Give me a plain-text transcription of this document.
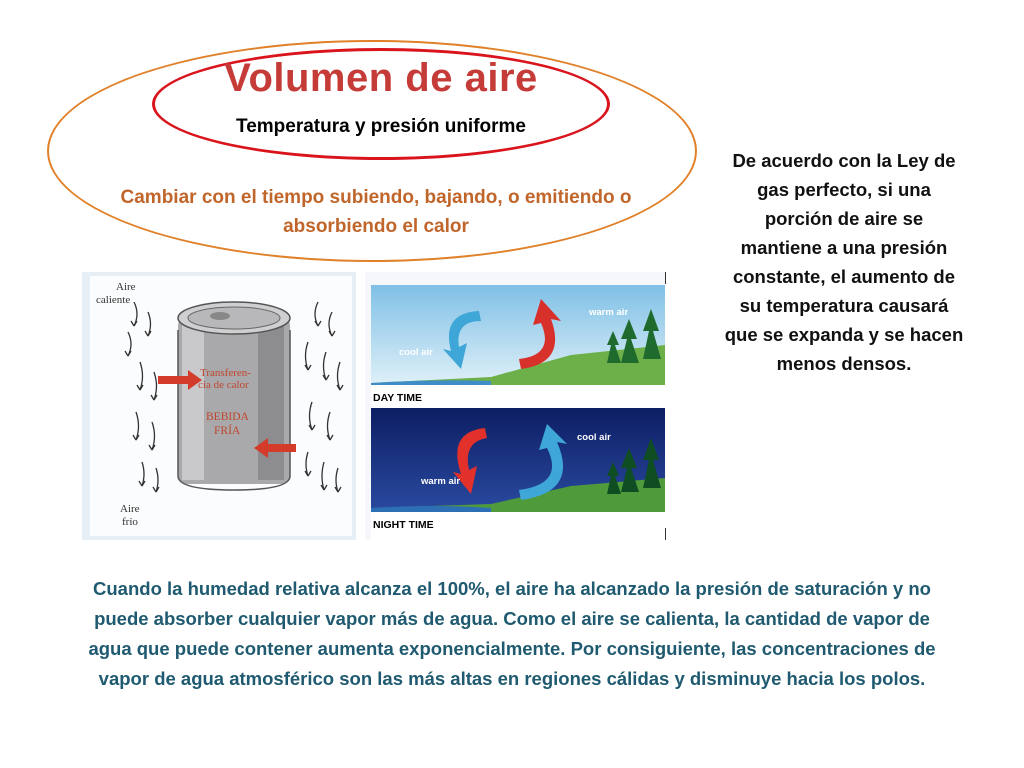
Volumen de aire
Temperatura y presión uniforme
Cambiar con el tiempo subiendo, bajando, o emitiendo o absorbiendo el calor
De acuerdo con la Ley de gas perfecto, si una porción de aire se mantiene a una presión constante, el aumento de su temperatura causará que se expanda y se hacen menos densos.
Aire
caliente
Transferen-
cia de calor
BEBIDA
FRÍA
Aire
frío
cool air
warm air
DAY TIME
cool air
warm air
NIGHT TIME
Cuando la humedad relativa alcanza el 100%, el aire ha alcanzado la presión de saturación y no puede absorber cualquier vapor más de agua. Como el aire se calienta, la cantidad de vapor de agua que puede contener aumenta exponencialmente. Por consiguiente, las concentraciones de vapor de agua atmosférico son las más altas en regiones cálidas y disminuye hacia los polos.
